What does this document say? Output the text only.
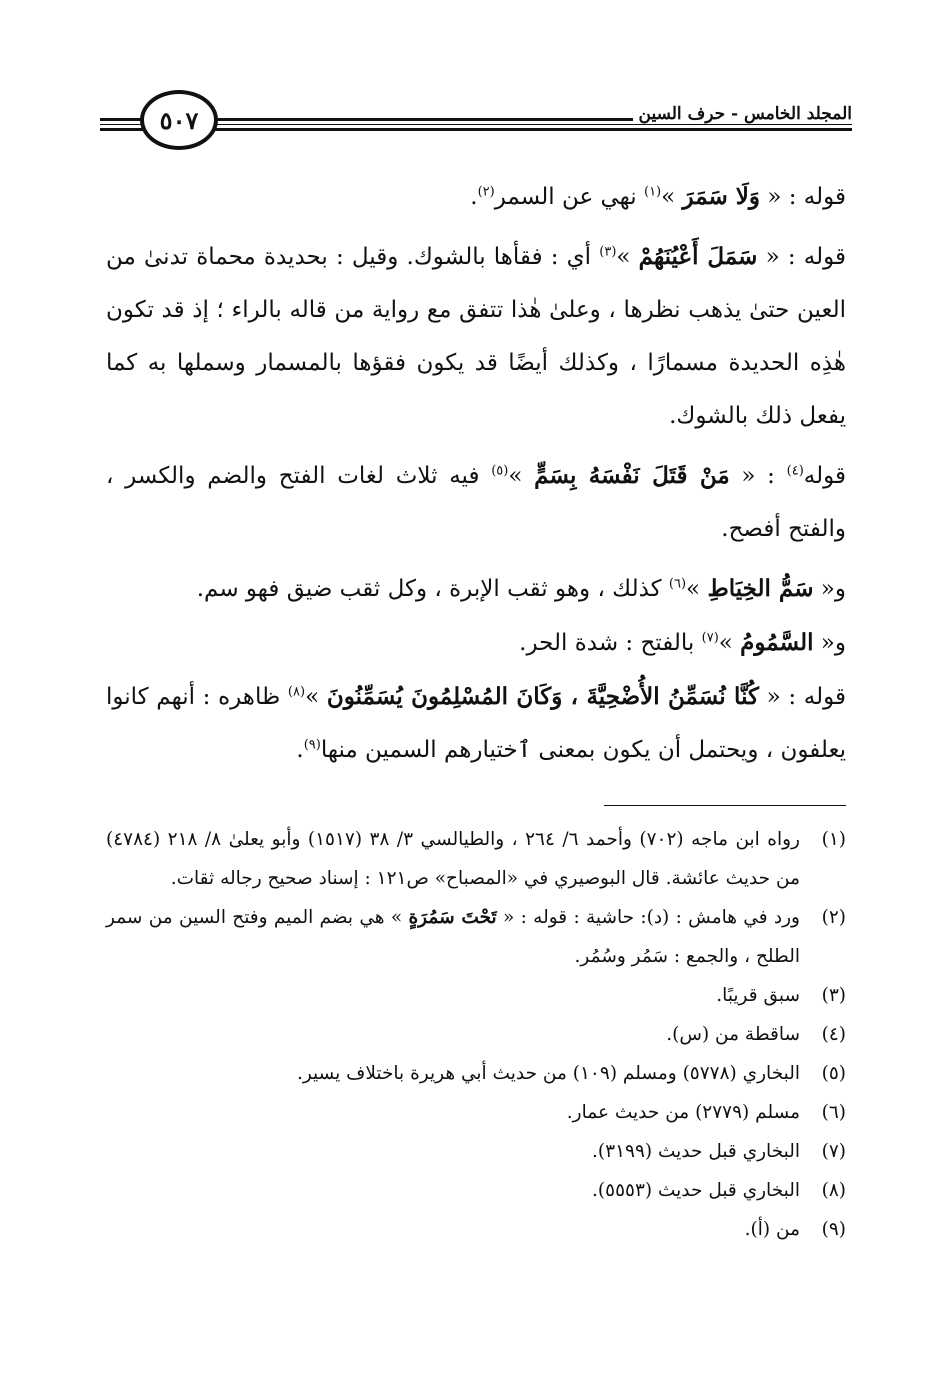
المجلد الخامس - حرف السين
٥٠٧

قوله : « وَلَا سَمَرَ »$^{(١)}$ نهي عن السمر$^{(٢)}$.

قوله : « سَمَلَ أَعْيُنَهُمْ »$^{(٣)}$ أي : فقأها بالشوك. وقيل : بحديدة محماة تدنىٰ من العين حتىٰ يذهب نظرها ، وعلىٰ هٰذا تتفق مع رواية من قاله بالراء ؛ إذ قد تكون هٰذِه الحديدة مسمارًا ، وكذلك أيضًا قد يكون فقؤها بالمسمار وسملها به كما يفعل ذلك بالشوك.

قوله$^{(٤)}$ : « مَنْ قَتَلَ نَفْسَهُ بِسَمٍّ »$^{(٥)}$ فيه ثلاث لغات الفتح والضم والكسر ، والفتح أفصح.

و« سَمُّ الخِيَاطِ »$^{(٦)}$ كذلك ، وهو ثقب الإبرة ، وكل ثقب ضيق فهو سم.

و« السَّمُومُ »$^{(٧)}$ بالفتح : شدة الحر.

قوله : « كُنَّا نُسَمِّنُ الأُضْحِيَّةَ ، وَكَانَ المُسْلِمُونَ يُسَمِّنُونَ »$^{(٨)}$ ظاهره : أنهم كانوا يعلفون ، ويحتمل أن يكون بمعنى ٱختيارهم السمين منها$^{(٩)}$.

(١)
رواه ابن ماجه (٧٠٢) وأحمد ٦/ ٢٦٤ ، والطيالسي ٣/ ٣٨ (١٥١٧) وأبو يعلىٰ ٨/ ٢١٨ (٤٧٨٤) من حديث عائشة. قال البوصيري في «المصباح» ص١٢١ : إسناد صحيح رجاله ثقات.
(٢)
ورد في هامش : (د): حاشية : قوله : « تَحْتَ سَمُرَةٍ » هي بضم الميم وفتح السين من سمر الطلح ، والجمع : سَمُر وسُمُر.
(٣)
سبق قريبًا.
(٤)
ساقطة من (س).
(٥)
البخاري (٥٧٧٨) ومسلم (١٠٩) من حديث أبي هريرة باختلاف يسير.
(٦)
مسلم (٢٧٧٩) من حديث عمار.
(٧)
البخاري قبل حديث (٣١٩٩).
(٨)
البخاري قبل حديث (٥٥٥٣).
(٩)
من (أ).
